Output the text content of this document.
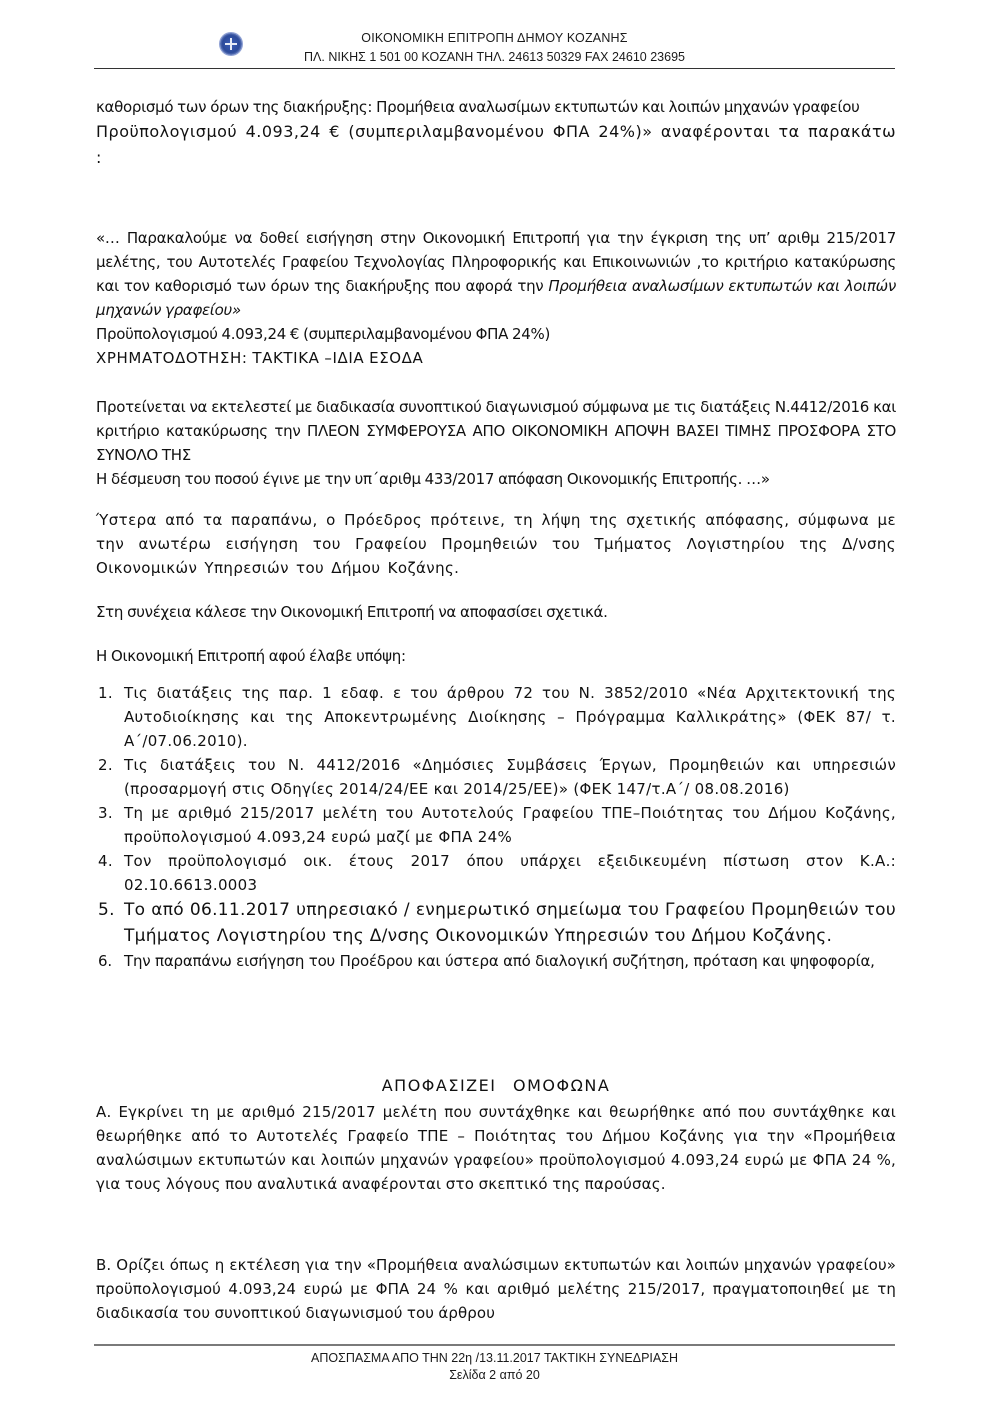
ΟΙΚΟΝΟΜΙΚΗ ΕΠΙΤΡΟΠΗ ΔΗΜΟΥ ΚΟΖΑΝΗΣ
ΠΛ. ΝΙΚΗΣ 1 501 00 ΚΟΖΑΝΗ ΤΗΛ. 24613 50329 FAX 24610 23695

καθορισμό των όρων της διακήρυξης: Προμήθεια αναλωσίμων εκτυπωτών και λοιπών μηχανών γραφείου

Προϋπολογισμού 4.093,24 € (συμπεριλαμβανομένου ΦΠΑ 24%)» αναφέρονται τα παρακάτω :

«… Παρακαλούμε να δοθεί εισήγηση στην Οικονομική Επιτροπή για την έγκριση της υπ’ αριθμ 215/2017 μελέτης, του Αυτοτελές Γραφείου Τεχνολογίας Πληροφορικής και Επικοινωνιών ,το κριτήριο κατακύρωσης και τον καθορισμό των όρων της διακήρυξης που αφορά την Προμήθεια αναλωσίμων εκτυπωτών και λοιπών μηχανών γραφείου»

Προϋπολογισμού 4.093,24 € (συμπεριλαμβανομένου ΦΠΑ 24%)

ΧΡΗΜΑΤΟΔΟΤΗΣΗ: ΤΑΚΤΙΚΑ –ΙΔΙΑ ΕΣΟΔΑ

Προτείνεται να εκτελεστεί με διαδικασία συνοπτικού διαγωνισμού σύμφωνα με τις διατάξεις Ν.4412/2016 και κριτήριο κατακύρωσης την ΠΛΕΟΝ ΣΥΜΦΕΡΟΥΣΑ ΑΠΟ ΟΙΚΟΝΟΜΙΚΗ ΑΠΟΨΗ ΒΑΣΕΙ ΤΙΜΗΣ ΠΡΟΣΦΟΡΑ ΣΤΟ ΣΥΝΟΛΟ ΤΗΣ

Η δέσμευση του ποσού έγινε με την υπ΄αριθμ 433/2017 απόφαση Οικονομικής Επιτροπής. …»

Ύστερα από τα παραπάνω, ο Πρόεδρος πρότεινε, τη λήψη της σχετικής απόφασης, σύμφωνα με την ανωτέρω εισήγηση του Γραφείου Προμηθειών του Τμήματος Λογιστηρίου της Δ/νσης Οικονομικών Υπηρεσιών του Δήμου Κοζάνης.

Στη συνέχεια κάλεσε την Οικονομική Επιτροπή να αποφασίσει σχετικά.

Η Οικονομική Επιτροπή αφού έλαβε υπόψη:

1. Τις διατάξεις της παρ. 1 εδαφ. ε του άρθρου 72 του Ν. 3852/2010 «Νέα Αρχιτεκτονική της Αυτοδιοίκησης και της Αποκεντρωμένης Διοίκησης – Πρόγραμμα Καλλικράτης» (ΦΕΚ 87/ τ. Α΄/07.06.2010).
2. Τις διατάξεις του Ν. 4412/2016 «Δημόσιες Συμβάσεις Έργων, Προμηθειών και υπηρεσιών (προσαρμογή στις Οδηγίες 2014/24/ΕΕ και 2014/25/ΕΕ)» (ΦΕΚ 147/τ.Α΄/ 08.08.2016)
3. Τη με αριθμό 215/2017 μελέτη του Αυτοτελούς Γραφείου ΤΠΕ–Ποιότητας του Δήμου Κοζάνης, προϋπολογισμού 4.093,24 ευρώ μαζί με ΦΠΑ 24%
4. Τον προϋπολογισμό οικ. έτους 2017 όπου υπάρχει εξειδικευμένη πίστωση στον Κ.Α.: 02.10.6613.0003
5. Το από 06.11.2017 υπηρεσιακό / ενημερωτικό σημείωμα του Γραφείου Προμηθειών του Τμήματος Λογιστηρίου της Δ/νσης Οικονομικών Υπηρεσιών του Δήμου Κοζάνης.
6. Την παραπάνω εισήγηση του Προέδρου και ύστερα από διαλογική συζήτηση, πρόταση και ψηφοφορία,
ΑΠΟΦΑΣΙΖΕΙ ΟΜΟΦΩΝΑ

Α. Εγκρίνει τη με αριθμό 215/2017 μελέτη που συντάχθηκε και θεωρήθηκε από που συντάχθηκε και θεωρήθηκε από το Αυτοτελές Γραφείο ΤΠΕ – Ποιότητας του Δήμου Κοζάνης για την «Προμήθεια αναλώσιμων εκτυπωτών και λοιπών μηχανών γραφείου» προϋπολογισμού 4.093,24 ευρώ με ΦΠΑ 24 %, για τους λόγους που αναλυτικά αναφέρονται στο σκεπτικό της παρούσας.

Β. Ορίζει όπως η εκτέλεση για την «Προμήθεια αναλώσιμων εκτυπωτών και λοιπών μηχανών γραφείου» προϋπολογισμού 4.093,24 ευρώ με ΦΠΑ 24 % και αριθμό μελέτης 215/2017, πραγματοποιηθεί με τη διαδικασία του συνοπτικού διαγωνισμού του άρθρου

ΑΠΟΣΠΑΣΜΑ ΑΠΟ ΤΗΝ 22η /13.11.2017 ΤΑΚΤΙΚΗ ΣΥΝΕΔΡΙΑΣΗ
Σελίδα 2 από 20
